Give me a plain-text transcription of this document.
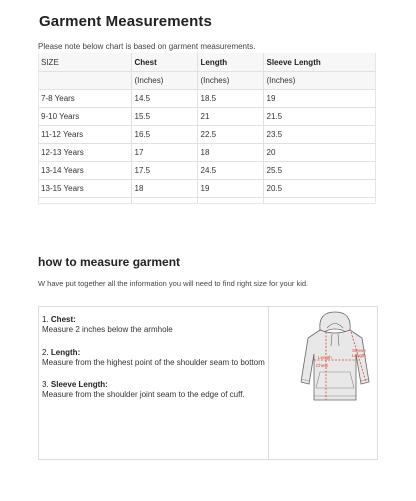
Garment Measurements
Please note below chart is based on garment measurements.
SIZE	Chest	Length	Sleeve Length
	(Inches)	(Inches)	(Inches)
7-8 Years	14.5	18.5	19
9-10 Years	15.5	21	21.5
11-12 Years	16.5	22.5	23.5
12-13 Years	17	18	20
13-14 Years	17.5	24.5	25.5
13-15 Years	18	19	20.5

how to measure garment
W have put together all the information you will need to find right size for your kid.
1. Chest:
Measure 2 inches below the armhole
2. Length:
Measure from the highest point of the shoulder seam to bottom
3. Sleeve Length:
Measure from the shoulder joint seam to the edge of cuff.
Length
Chest
Sleeve
Length
